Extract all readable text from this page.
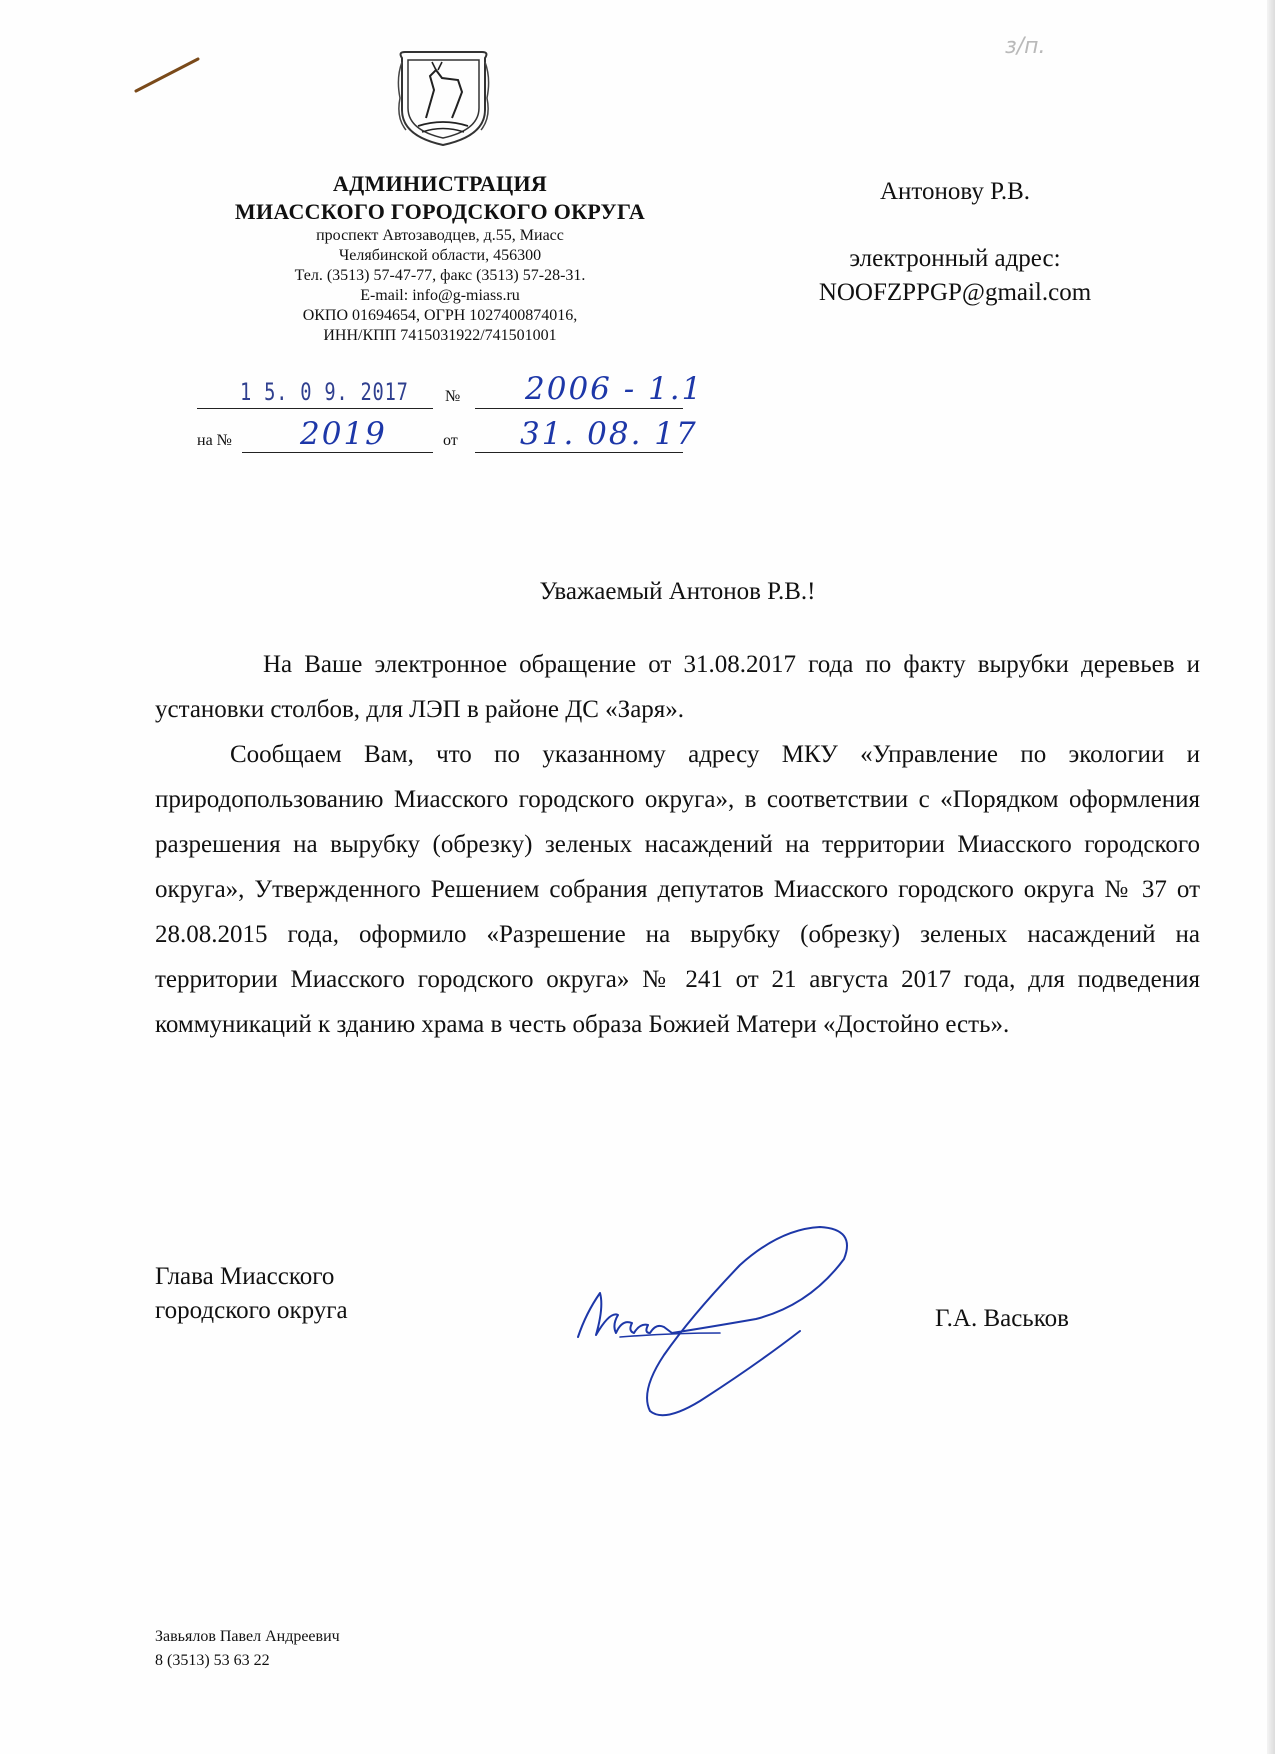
з/п.
АДМИНИСТРАЦИЯ
МИАССКОГО ГОРОДСКОГО ОКРУГА
проспект Автозаводцев, д.55, Миасс
Челябинской области, 456300
Тел. (3513) 57-47-77, факс (3513) 57-28-31.
E-mail: info@g-miass.ru
ОКПО 01694654, ОГРН 1027400874016,
ИНН/КПП 7415031922/741501001
1 5. 0 9. 2017 № 2006 - 1.1
на № 2019	от 31. 08. 17
Антонову Р.В.
электронный адрес:
NOOFZPPGP@gmail.com
Уважаемый Антонов Р.В.!

На Ваше электронное обращение от 31.08.2017 года по факту вырубки деревьев и установки столбов, для ЛЭП в районе ДС «Заря».

Сообщаем Вам, что по указанному адресу МКУ «Управление по экологии и природопользованию Миасского городского округа», в соответствии с «Порядком оформления разрешения на вырубку (обрезку) зеленых насаждений на территории Миасского городского округа», Утвержденного Решением собрания депутатов Миасского городского округа № 37 от 28.08.2015 года, оформило «Разрешение на вырубку (обрезку) зеленых насаждений на территории Миасского городского округа» № 241 от 21 августа 2017 года, для подведения коммуникаций к зданию храма в честь образа Божией Матери «Достойно есть».

Глава Миасского
городского округа	Г.А. Васьков
Завьялов Павел Андреевич
8 (3513) 53 63 22
